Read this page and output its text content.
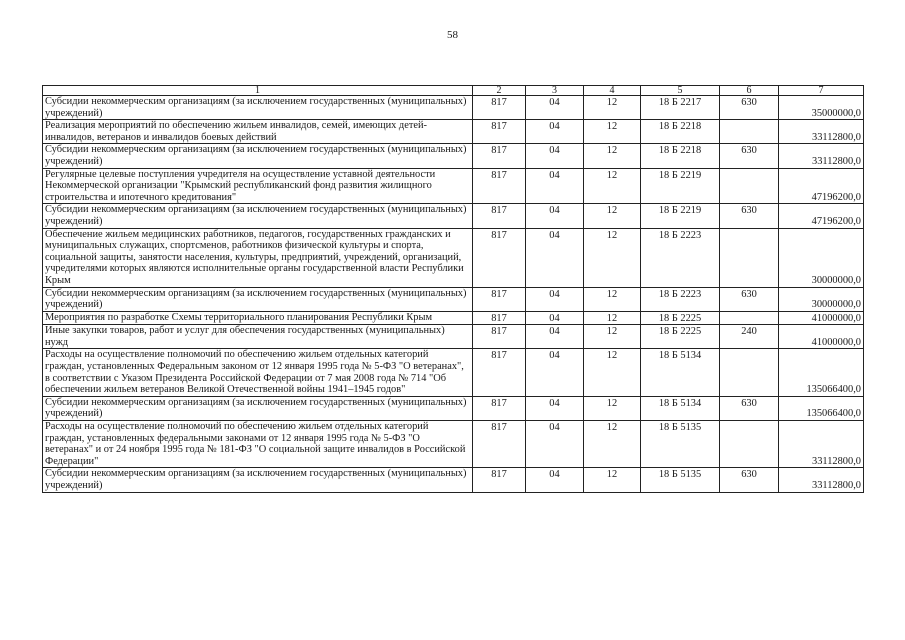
58
1	2	3	4	5	6	7
Субсидии некоммерческим организациям (за исключением государственных (муниципальных) учреждений)	817	04	12	18 Б 2217	630	35000000,0
Реализация мероприятий по обеспечению жильем инвалидов, семей, имеющих детей-инвалидов, ветеранов и инвалидов боевых действий	817	04	12	18 Б 2218		33112800,0
Субсидии некоммерческим организациям (за исключением государственных (муниципальных) учреждений)	817	04	12	18 Б 2218	630	33112800,0
Регулярные целевые поступления учредителя на осуществление уставной деятельности Некоммерческой организации "Крымский республиканский фонд развития жилищного строительства и ипотечного кредитования"	817	04	12	18 Б 2219		47196200,0
Субсидии некоммерческим организациям (за исключением государственных (муниципальных) учреждений)	817	04	12	18 Б 2219	630	47196200,0
Обеспечение жильем медицинских работников, педагогов, государственных гражданских и муниципальных служащих, спортсменов, работников физической культуры и спорта, социальной защиты, занятости населения, культуры, предприятий, учреждений, организаций, учредителями которых являются исполнительные органы государственной власти Республики Крым	817	04	12	18 Б 2223		30000000,0
Субсидии некоммерческим организациям (за исключением государственных (муниципальных) учреждений)	817	04	12	18 Б 2223	630	30000000,0
Мероприятия по разработке Схемы территориального планирования Республики Крым	817	04	12	18 Б 2225		41000000,0
Иные закупки товаров, работ и услуг для обеспечения государственных (муниципальных) нужд	817	04	12	18 Б 2225	240	41000000,0
Расходы на осуществление полномочий по обеспечению жильем отдельных категорий граждан, установленных Федеральным законом от 12 января 1995 года № 5-ФЗ "О ветеранах", в соответствии с Указом Президента Российской Федерации от 7 мая 2008 года № 714 "Об обеспечении жильем ветеранов Великой Отечественной войны 1941–1945 годов"	817	04	12	18 Б 5134		135066400,0
Субсидии некоммерческим организациям (за исключением государственных (муниципальных) учреждений)	817	04	12	18 Б 5134	630	135066400,0
Расходы на осуществление полномочий по обеспечению жильем отдельных категорий граждан, установленных федеральными законами от 12 января 1995 года № 5-ФЗ "О ветеранах" и от 24 ноября 1995 года № 181-ФЗ "О социальной защите инвалидов в Российской Федерации"	817	04	12	18 Б 5135		33112800,0
Субсидии некоммерческим организациям (за исключением государственных (муниципальных) учреждений)	817	04	12	18 Б 5135	630	33112800,0
